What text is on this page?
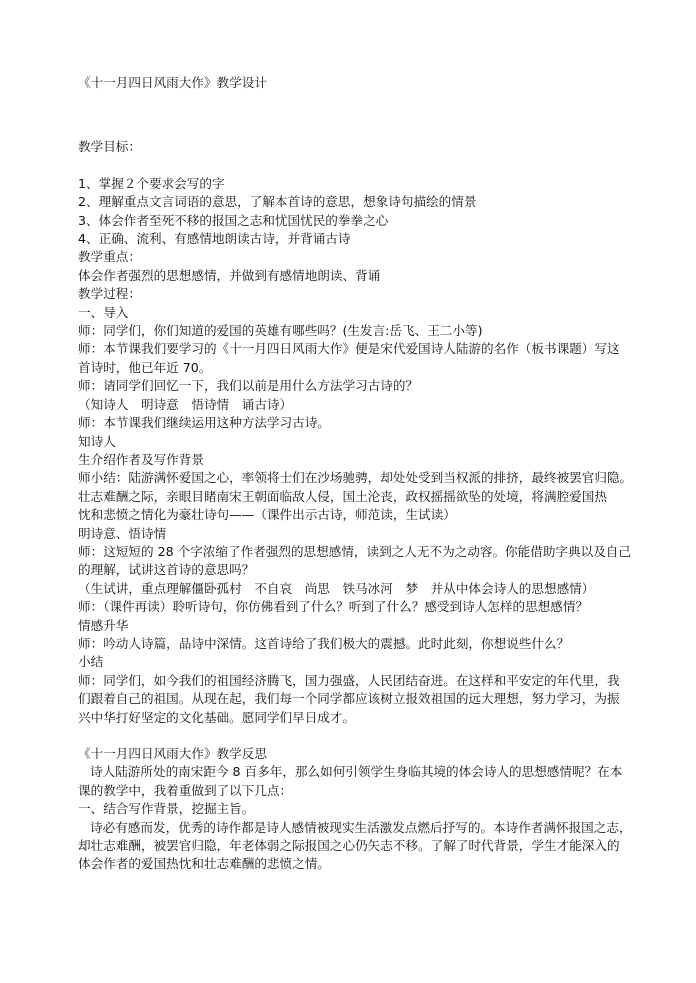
《十一月四日风雨大作》教学设计

教学目标：

1、掌握２个要求会写的字

2、理解重点文言词语的意思，了解本首诗的意思，想象诗句描绘的情景

3、体会作者至死不移的报国之志和忧国忧民的拳拳之心

4、正确、流利、有感情地朗读古诗，并背诵古诗

教学重点：

体会作者强烈的思想感情，并做到有感情地朗读、背诵

教学过程：

一、导入

师：同学们，你们知道的爱国的英雄有哪些吗？(生发言:岳飞、王二小等)

师：本节课我们要学习的《十一月四日风雨大作》便是宋代爱国诗人陆游的名作（板书课题）写这

首诗时，他已年近 70。

师：请同学们回忆一下，我们以前是用什么方法学习古诗的？

（知诗人　明诗意　悟诗情　诵古诗）

师：本节课我们继续运用这种方法学习古诗。

知诗人

生介绍作者及写作背景

师小结：陆游满怀爱国之心，率领将士们在沙场驰骋，却处处受到当权派的排挤，最终被罢官归隐。

壮志难酬之际，亲眼目睹南宋王朝面临敌人侵，国土沦丧，政权摇摇欲坠的处境，将满腔爱国热

忱和悲愤之情化为豪壮诗句——（课件出示古诗，师范读，生试读）

明诗意、悟诗情

师：这短短的 28 个字浓缩了作者强烈的思想感情，读到之人无不为之动容。你能借助字典以及自己

的理解，试讲这首诗的意思吗？

（生试讲，重点理解僵卧孤村　不自哀　尚思　铁马冰河　梦　并从中体会诗人的思想感情）

师：（课件再读）聆听诗句，你仿佛看到了什么？听到了什么？感受到诗人怎样的思想感情？

情感升华

师：吟动人诗篇，品诗中深情。这首诗给了我们极大的震撼。此时此刻，你想说些什么？

小结

师：同学们，如今我们的祖国经济腾飞，国力强盛，人民团结奋进。在这样和平安定的年代里，我

们跟着自己的祖国。从现在起，我们每一个同学都应该树立报效祖国的远大理想，努力学习，为振

兴中华打好坚定的文化基础。愿同学们早日成才。

《十一月四日风雨大作》教学反思

诗人陆游所处的南宋距今 8 百多年，那么如何引领学生身临其境的体会诗人的思想感情呢？在本

课的教学中，我着重做到了以下几点：

一、结合写作背景，挖掘主旨。

诗必有感而发，优秀的诗作都是诗人感情被现实生活激发点燃后抒写的。本诗作者满怀报国之志，

却壮志难酬，被罢官归隐，年老体弱之际报国之心仍矢志不移。了解了时代背景，学生才能深入的

体会作者的爱国热忱和壮志难酬的悲愤之情。
